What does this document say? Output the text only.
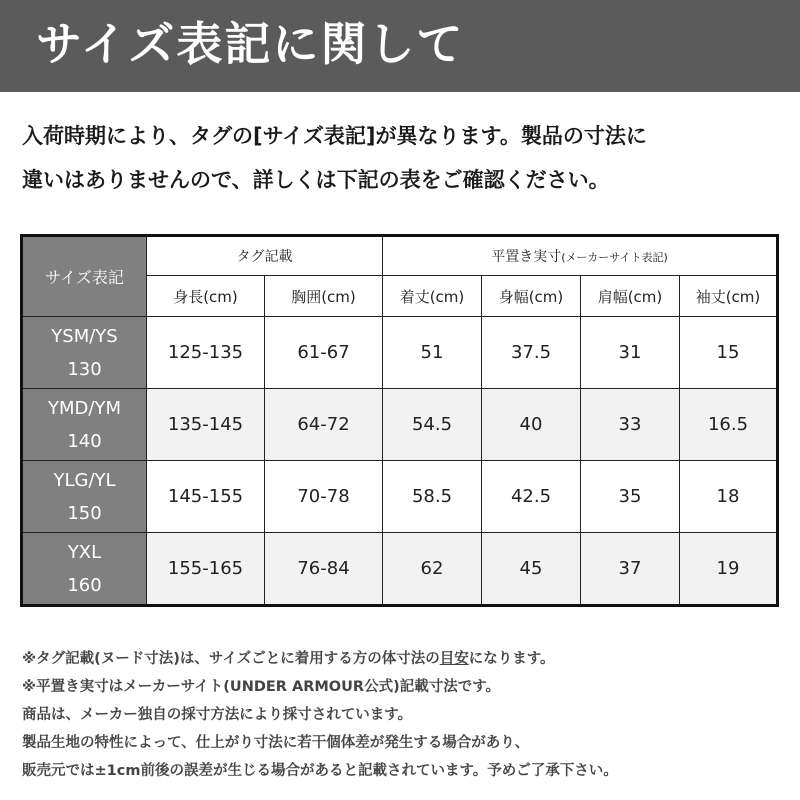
サイズ表記に関して
入荷時期により、タグの[サイズ表記]が異なります。製品の寸法に
違いはありませんので、詳しくは下記の表をご確認ください。
サイズ表記	タグ記載		平置き実寸(メーカーサイト表記)			
	身長(cm)	胸囲(cm)	着丈(cm)	身幅(cm)	肩幅(cm)	袖丈(cm)

YSM/YS
130	125-135	61-67	51	37.5	31	15

YMD/YM
140	135-145	64-72	54.5	40	33	16.5

YLG/YL
150	145-155	70-78	58.5	42.5	35	18

YXL
160	155-165	76-84	62	45	37	19
※タグ記載(ヌード寸法)は、サイズごとに着用する方の体寸法の目安になります。
※平置き実寸はメーカーサイト(UNDER ARMOUR公式)記載寸法です。
商品は、メーカー独自の採寸方法により採寸されています。
製品生地の特性によって、仕上がり寸法に若干個体差が発生する場合があり、
販売元では±1cm前後の誤差が生じる場合があると記載されています。予めご了承下さい。
